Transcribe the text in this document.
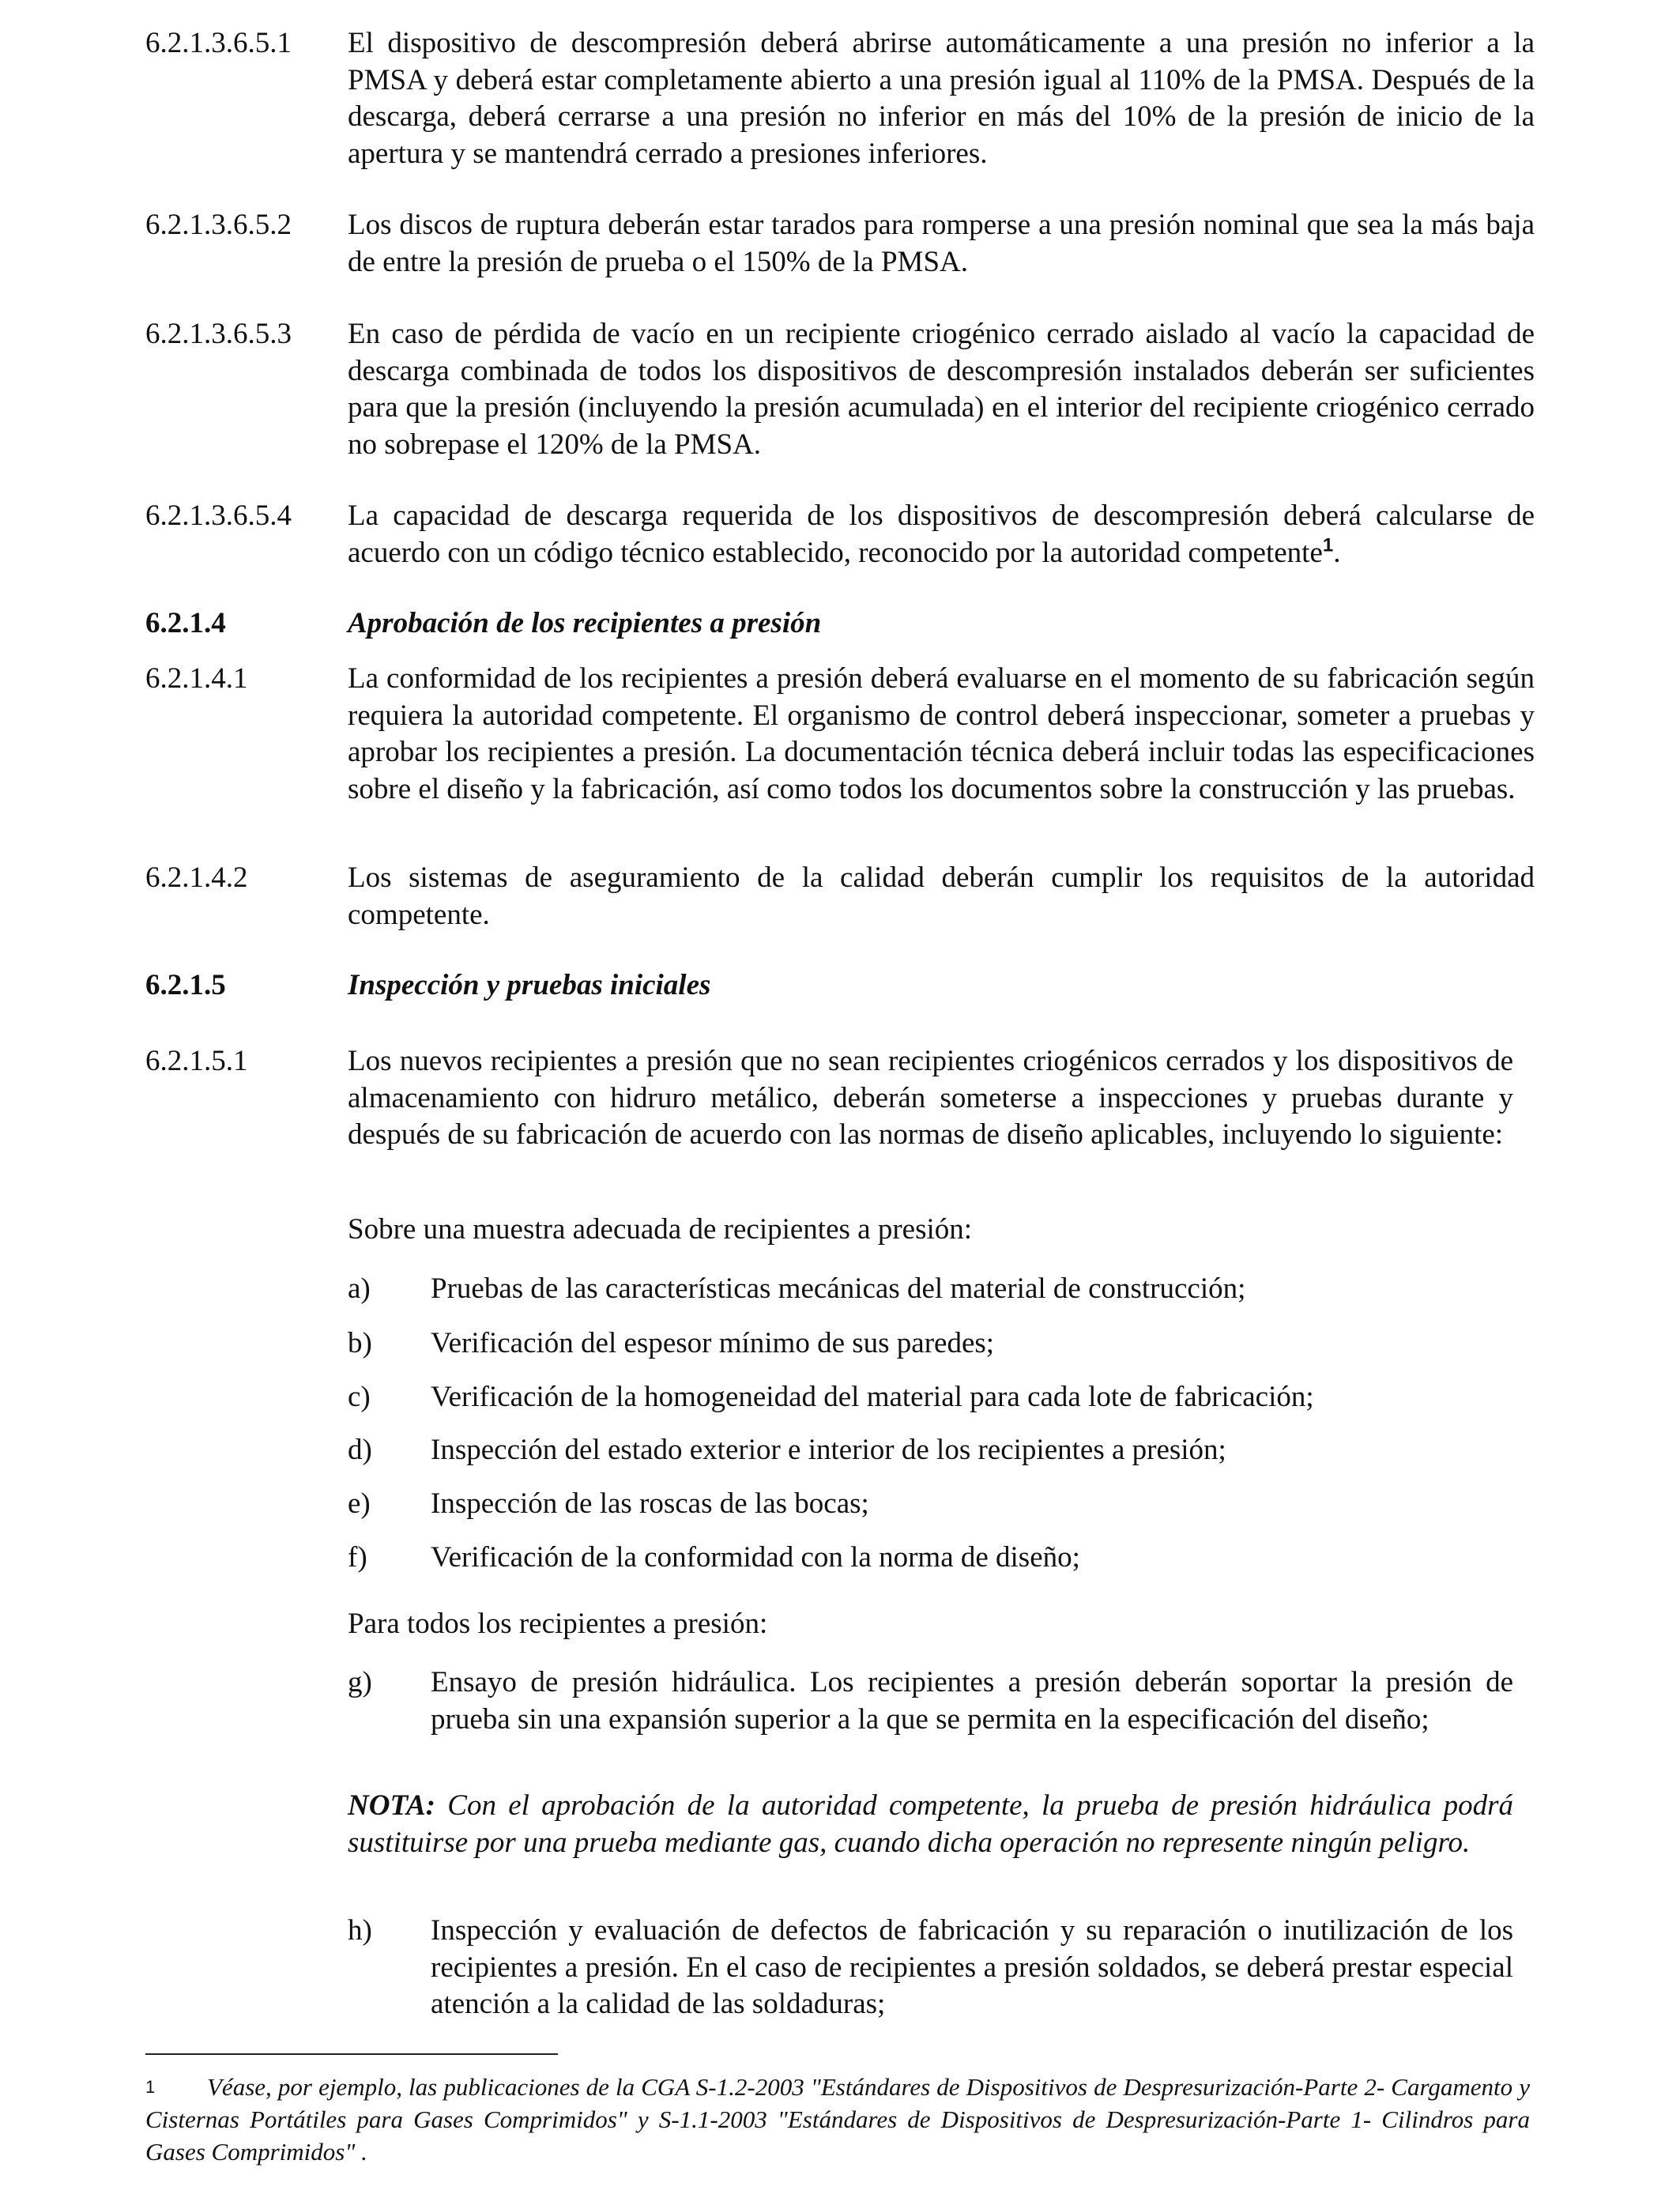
6.2.1.3.6.5.1 El dispositivo de descompresión deberá abrirse automáticamente a una presión no inferior a la PMSA y deberá estar completamente abierto a una presión igual al 110% de la PMSA. Después de la descarga, deberá cerrarse a una presión no inferior en más del 10% de la presión de inicio de la apertura y se mantendrá cerrado a presiones inferiores.
6.2.1.3.6.5.2 Los discos de ruptura deberán estar tarados para romperse a una presión nominal que sea la más baja de entre la presión de prueba o el 150% de la PMSA.
6.2.1.3.6.5.3 En caso de pérdida de vacío en un recipiente criogénico cerrado aislado al vacío la capacidad de descarga combinada de todos los dispositivos de descompresión instalados deberán ser suficientes para que la presión (incluyendo la presión acumulada) en el interior del recipiente criogénico cerrado no sobrepase el 120% de la PMSA.
6.2.1.3.6.5.4 La capacidad de descarga requerida de los dispositivos de descompresión deberá calcularse de acuerdo con un código técnico establecido, reconocido por la autoridad competente$^1$.
6.2.1.4	Aprobación de los recipientes a presión
6.2.1.4.1	La conformidad de los recipientes a presión deberá evaluarse en el momento de su fabricación según requiera la autoridad competente. El organismo de control deberá inspeccionar, someter a pruebas y aprobar los recipientes a presión. La documentación técnica deberá incluir todas las especificaciones sobre el diseño y la fabricación, así como todos los documentos sobre la construcción y las pruebas.
6.2.1.4.2	Los sistemas de aseguramiento de la calidad deberán cumplir los requisitos de la autoridad competente.
6.2.1.5	Inspección y pruebas iniciales
6.2.1.5.1	Los nuevos recipientes a presión que no sean recipientes criogénicos cerrados y los dispositivos de almacenamiento con hidruro metálico, deberán someterse a inspecciones y pruebas durante y después de su fabricación de acuerdo con las normas de diseño aplicables, incluyendo lo siguiente:
Sobre una muestra adecuada de recipientes a presión:
a) Pruebas de las características mecánicas del material de construcción;
b) Verificación del espesor mínimo de sus paredes;
c) Verificación de la homogeneidad del material para cada lote de fabricación;
d) Inspección del estado exterior e interior de los recipientes a presión;
e) Inspección de las roscas de las bocas;
f) Verificación de la conformidad con la norma de diseño;
Para todos los recipientes a presión:
g) Ensayo de presión hidráulica. Los recipientes a presión deberán soportar la presión de prueba sin una expansión superior a la que se permita en la especificación del diseño;
NOTA: Con el aprobación de la autoridad competente, la prueba de presión hidráulica podrá sustituirse por una prueba mediante gas, cuando dicha operación no represente ningún peligro.
h) Inspección y evaluación de defectos de fabricación y su reparación o inutilización de los recipientes a presión. En el caso de recipientes a presión soldados, se deberá prestar especial atención a la calidad de las soldaduras;
1	Véase, por ejemplo, las publicaciones de la CGA S-1.2-2003 "Estándares de Dispositivos de Despresurización-Parte 2- Cargamento y Cisternas Portátiles para Gases Comprimidos" y S-1.1-2003 "Estándares de Dispositivos de Despresurización-Parte 1- Cilindros para Gases Comprimidos" .
